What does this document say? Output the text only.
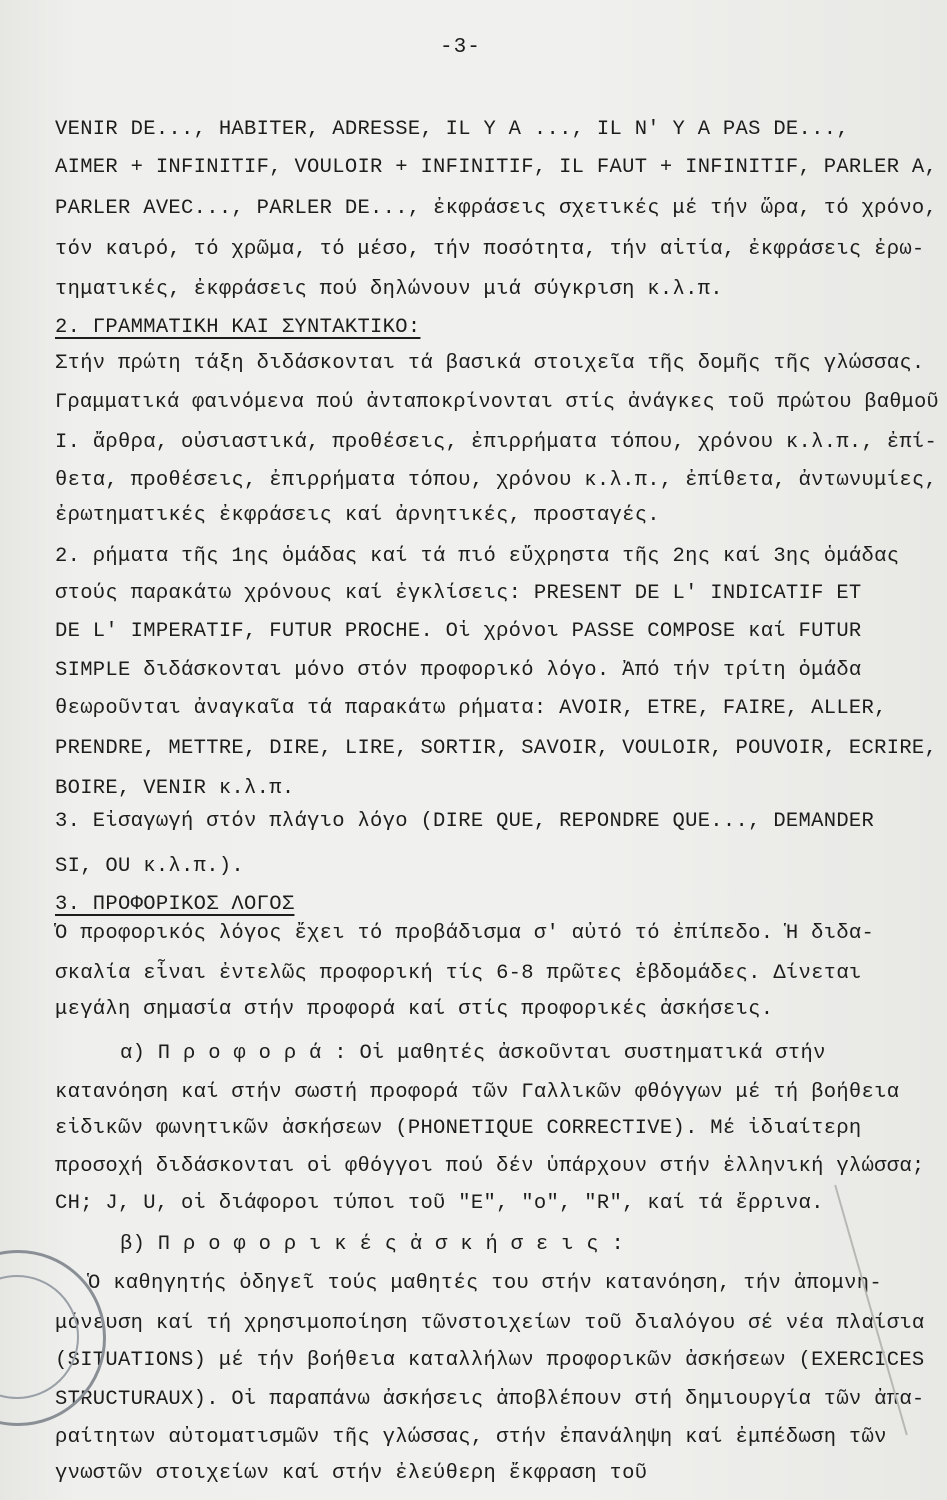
-3-
VENIR DE..., HABITER, ADRESSE, IL Y A ..., IL N' Y A PAS DE...,
AIMER + INFINITIF, VOULOIR + INFINITIF, IL FAUT + INFINITIF, PARLER A,
PARLER AVEC..., PARLER DE..., ἐκφράσεις σχετικές μέ τήν ὥρα, τό χρόνο,
τόν καιρό, τό χρῶμα, τό μέσο, τήν ποσότητα, τήν αἰτία, ἐκφράσεις ἐρω-
τηματικές, ἐκφράσεις πού δηλώνουν μιά σύγκριση κ.λ.π.
2. ΓΡΑΜΜΑΤΙΚΗ ΚΑΙ ΣΥΝΤΑΚΤΙΚΟ:
Στήν πρώτη τάξη διδάσκονται τά βασικά στοιχεῖα τῆς δομῆς τῆς γλώσσας.
Γραμματικά φαινόμενα πού ἀνταποκρίνονται στίς ἀνάγκες τοῦ πρώτου βαθμοῦ
I. ἄρθρα, οὐσιαστικά, προθέσεις, ἐπιρρήματα τόπου, χρόνου κ.λ.π., ἐπί-
θετα, προθέσεις, ἐπιρρήματα τόπου, χρόνου κ.λ.π., ἐπίθετα, ἀντωνυμίες,
ἐρωτηματικές ἐκφράσεις καί ἀρνητικές, προσταγές.
2. ρήματα τῆς 1ης ὁμάδας καί τά πιό εὔχρηστα τῆς 2ης καί 3ης ὁμάδας
στούς παρακάτω χρόνους καί ἐγκλίσεις: PRESENT DE L' INDICATIF ET
DE L' IMPERATIF, FUTUR PROCHE. Οἱ χρόνοι PASSE COMPOSE καί FUTUR
SIMPLE διδάσκονται μόνο στόν προφορικό λόγο. Ἀπό τήν τρίτη ὁμάδα
θεωροῦνται ἀναγκαῖα τά παρακάτω ρήματα: AVOIR, ETRE, FAIRE, ALLER,
PRENDRE, METTRE, DIRE, LIRE, SORTIR, SAVOIR, VOULOIR, POUVOIR, ECRIRE,
BOIRE, VENIR κ.λ.π.
3. Εἰσαγωγή στόν πλάγιο λόγο (DIRE QUE, REPONDRE QUE..., DEMANDER
SI, OU κ.λ.π.).
3. ΠΡΟΦΟΡΙΚΟΣ ΛΟΓΟΣ
Ὁ προφορικός λόγος ἔχει τό προβάδισμα σ' αὐτό τό ἐπίπεδο. Ἡ διδα-
σκαλία εἶναι ἐντελῶς προφορική τίς 6-8 πρῶτες ἑβδομάδες. Δίνεται
μεγάλη σημασία στήν προφορά καί στίς προφορικές ἀσκήσεις.
α) Π ρ ο φ ο ρ ά : Οἱ μαθητές ἀσκοῦνται συστηματικά στήν
κατανόηση καί στήν σωστή προφορά τῶν Γαλλικῶν φθόγγων μέ τή βοήθεια
εἰδικῶν φωνητικῶν ἀσκήσεων (PHONETIQUE CORRECTIVE). Μέ ἰδιαίτερη
προσοχή διδάσκονται οἱ φθόγγοι πού δέν ὑπάρχουν στήν ἑλληνική γλώσσα;
CH; J, U, οἱ διάφοροι τύποι τοῦ "E", "o", "R", καί τά ἔρρινα.
β) Π ρ ο φ ο ρ ι κ έ ς ἀ σ κ ή σ ε ι ς :
Ὁ καθηγητής ὁδηγεῖ τούς μαθητές του στήν κατανόηση, τήν ἀπομνη-
μόνευση καί τή χρησιμοποίηση τῶνστοιχείων τοῦ διαλόγου σέ νέα πλαίσια
(SITUATIONS) μέ τήν βοήθεια καταλλήλων προφορικῶν ἀσκήσεων (EXERCICES
STRUCTURAUX). Οἱ παραπάνω ἀσκήσεις ἀποβλέπουν στή δημιουργία τῶν ἀπα-
ραίτητων αὐτοματισμῶν τῆς γλώσσας, στήν ἐπανάληψη καί ἐμπέδωση τῶν
γνωστῶν στοιχείων καί στήν ἐλεύθερη ἔκφραση τοῦ
